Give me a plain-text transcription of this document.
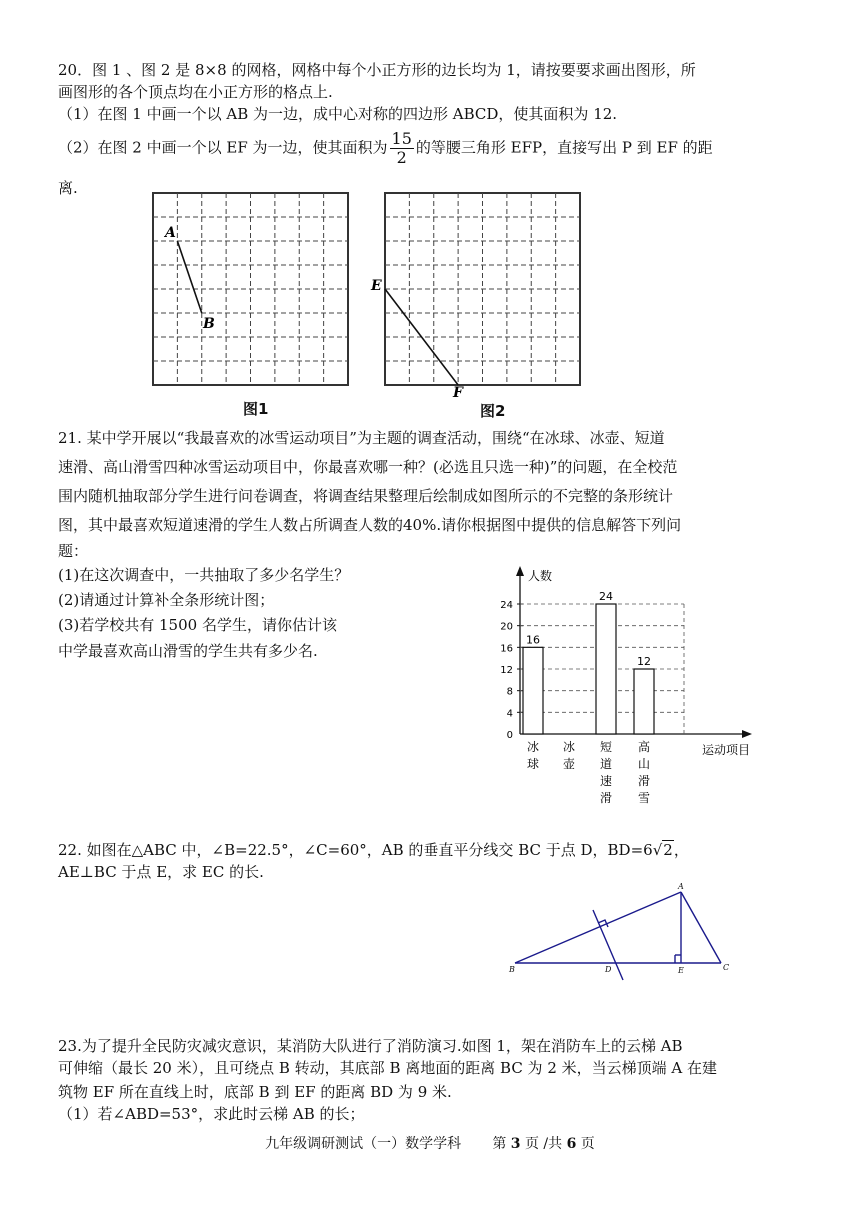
20．图 1 、图 2 是 8×8 的网格，网格中每个小正方形的边长均为 1，请按要要求画出图形，所
画图形的各个顶点均在小正方形的格点上.
（1）在图 1 中画一个以 AB 为一边，成中心对称的四边形 ABCD，使其面积为 12.
（2）在图 2 中画一个以 EF 为一边，使其面积为 $\frac{15}{2}$ 的等腰三角形 EFP，直接写出 P 到 EF 的距
离.
A
B
图1
E
F
图2
21. 某中学开展以“我最喜欢的冰雪运动项目”为主题的调查活动，围绕“在冰球、冰壶、短道
速滑、高山滑雪四种冰雪运动项目中，你最喜欢哪一种？(必选且只选一种)”的问题，在全校范
围内随机抽取部分学生进行问卷调查，将调查结果整理后绘制成如图所示的不完整的条形统计
图，其中最喜欢短道速滑的学生人数占所调查人数的40%.请你根据图中提供的信息解答下列问
题：
(1)在这次调查中，一共抽取了多少名学生？
(2)请通过计算补全条形统计图；
(3)若学校共有 1500 名学生，请你估计该
中学最喜欢高山滑雪的学生共有多少名.
人数
运动项目
0
4
8
12
16
20
24
16
冰
球
冰
壶
24
短
道
速
滑
12
高
山
滑
雪
22. 如图在△ABC 中，∠B=22.5°，∠C=60°，AB 的垂直平分线交 BC 于点 D，BD=6√2，
AE⊥BC 于点 E，求 EC 的长.
A
B	C
D	E
23.为了提升全民防灾减灾意识，某消防大队进行了消防演习.如图 1，架在消防车上的云梯 AB
可伸缩（最长 20 米），且可绕点 B 转动，其底部 B 离地面的距离 BC 为 2 米，当云梯顶端 A 在建
筑物 EF 所在直线上时，底部 B 到 EF 的距离 BD 为 9 米.
（1）若∠ABD=53°，求此时云梯 AB 的长；
九年级调研测试（一）数学学科 第 3 页 /共 6 页
